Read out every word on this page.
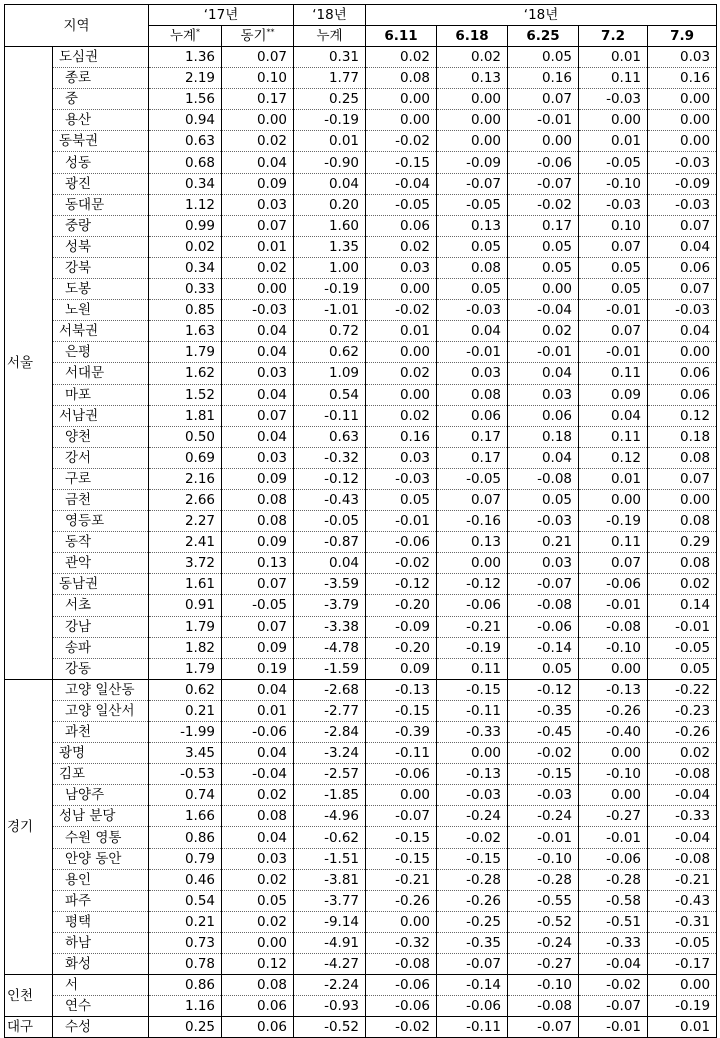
지역		‘17년		‘18년	‘18년				
		누계*	동기**	누계	6.11	6.18	6.25	7.2	7.9
서울	도심권	1.36	0.07	0.31	0.02	0.02	0.05	0.01	0.03
	종로	2.19	0.10	1.77	0.08	0.13	0.16	0.11	0.16
	중	1.56	0.17	0.25	0.00	0.00	0.07	-0.03	0.00
	용산	0.94	0.00	-0.19	0.00	0.00	-0.01	0.00	0.00
	동북권	0.63	0.02	0.01	-0.02	0.00	0.00	0.01	0.00
	성동	0.68	0.04	-0.90	-0.15	-0.09	-0.06	-0.05	-0.03
	광진	0.34	0.09	0.04	-0.04	-0.07	-0.07	-0.10	-0.09
	동대문	1.12	0.03	0.20	-0.05	-0.05	-0.02	-0.03	-0.03
	중랑	0.99	0.07	1.60	0.06	0.13	0.17	0.10	0.07
	성북	0.02	0.01	1.35	0.02	0.05	0.05	0.07	0.04
	강북	0.34	0.02	1.00	0.03	0.08	0.05	0.05	0.06
	도봉	0.33	0.00	-0.19	0.00	0.05	0.00	0.05	0.07
	노원	0.85	-0.03	-1.01	-0.02	-0.03	-0.04	-0.01	-0.03
	서북권	1.63	0.04	0.72	0.01	0.04	0.02	0.07	0.04
	은평	1.79	0.04	0.62	0.00	-0.01	-0.01	-0.01	0.00
	서대문	1.62	0.03	1.09	0.02	0.03	0.04	0.11	0.06
	마포	1.52	0.04	0.54	0.00	0.08	0.03	0.09	0.06
	서남권	1.81	0.07	-0.11	0.02	0.06	0.06	0.04	0.12
	양천	0.50	0.04	0.63	0.16	0.17	0.18	0.11	0.18
	강서	0.69	0.03	-0.32	0.03	0.17	0.04	0.12	0.08
	구로	2.16	0.09	-0.12	-0.03	-0.05	-0.08	0.01	0.07
	금천	2.66	0.08	-0.43	0.05	0.07	0.05	0.00	0.00
	영등포	2.27	0.08	-0.05	-0.01	-0.16	-0.03	-0.19	0.08
	동작	2.41	0.09	-0.87	-0.06	0.13	0.21	0.11	0.29
	관악	3.72	0.13	0.04	-0.02	0.00	0.03	0.07	0.08
	동남권	1.61	0.07	-3.59	-0.12	-0.12	-0.07	-0.06	0.02
	서초	0.91	-0.05	-3.79	-0.20	-0.06	-0.08	-0.01	0.14
	강남	1.79	0.07	-3.38	-0.09	-0.21	-0.06	-0.08	-0.01
	송파	1.82	0.09	-4.78	-0.20	-0.19	-0.14	-0.10	-0.05
	강동	1.79	0.19	-1.59	0.09	0.11	0.05	0.00	0.05
경기	고양 일산동	0.62	0.04	-2.68	-0.13	-0.15	-0.12	-0.13	-0.22
	고양 일산서	0.21	0.01	-2.77	-0.15	-0.11	-0.35	-0.26	-0.23
	과천	-1.99	-0.06	-2.84	-0.39	-0.33	-0.45	-0.40	-0.26
	광명	3.45	0.04	-3.24	-0.11	0.00	-0.02	0.00	0.02
	김포	-0.53	-0.04	-2.57	-0.06	-0.13	-0.15	-0.10	-0.08
	남양주	0.74	0.02	-1.85	0.00	-0.03	-0.03	0.00	-0.04
	성남 분당	1.66	0.08	-4.96	-0.07	-0.24	-0.24	-0.27	-0.33
	수원 영통	0.86	0.04	-0.62	-0.15	-0.02	-0.01	-0.01	-0.04
	안양 동안	0.79	0.03	-1.51	-0.15	-0.15	-0.10	-0.06	-0.08
	용인	0.46	0.02	-3.81	-0.21	-0.28	-0.28	-0.28	-0.21
	파주	0.54	0.05	-3.77	-0.26	-0.26	-0.55	-0.58	-0.43
	평택	0.21	0.02	-9.14	0.00	-0.25	-0.52	-0.51	-0.31
	하남	0.73	0.00	-4.91	-0.32	-0.35	-0.24	-0.33	-0.05
	화성	0.78	0.12	-4.27	-0.08	-0.07	-0.27	-0.04	-0.17
인천	서	0.86	0.08	-2.24	-0.06	-0.14	-0.10	-0.02	0.00
	연수	1.16	0.06	-0.93	-0.06	-0.06	-0.08	-0.07	-0.19
대구	수성	0.25	0.06	-0.52	-0.02	-0.11	-0.07	-0.01	0.01
